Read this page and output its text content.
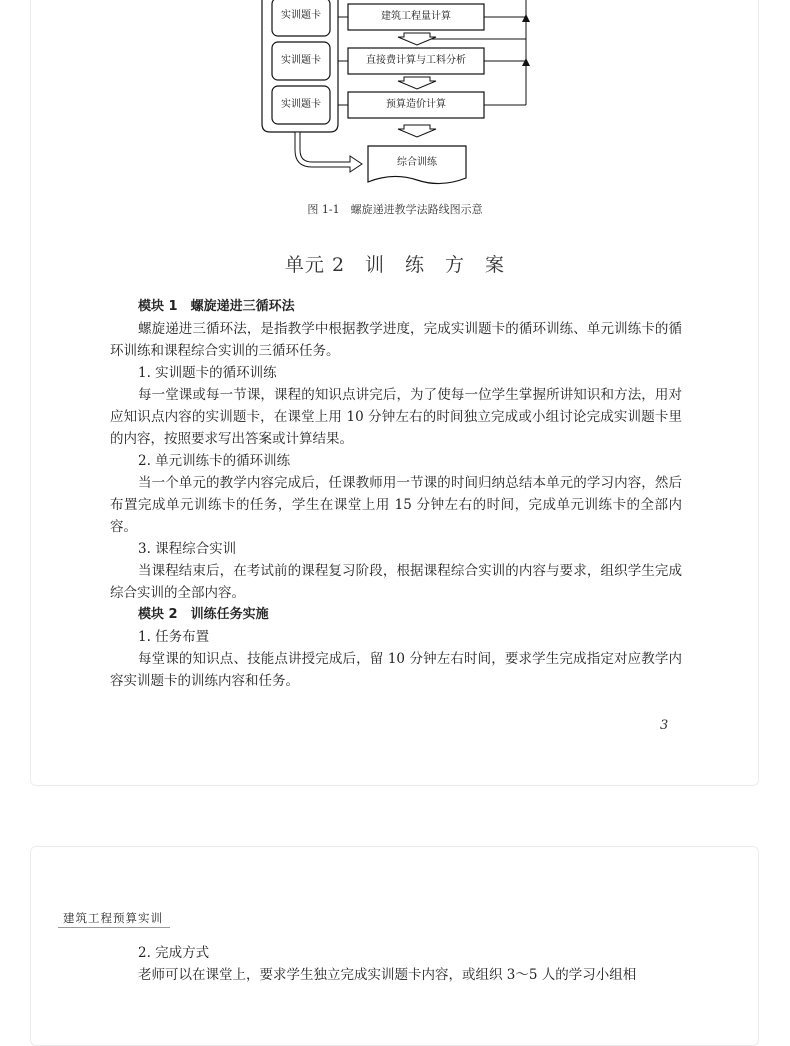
实训题卡
实训题卡
实训题卡
建筑工程量计算
直接费计算与工料分析
预算造价计算
综合训练
图 1-1　螺旋递进教学法路线图示意
单元 2　训　练　方　案

模块 1　螺旋递进三循环法

螺旋递进三循环法，是指教学中根据教学进度，完成实训题卡的循环训练、单元训练卡的循环训练和课程综合实训的三循环任务。

1. 实训题卡的循环训练

每一堂课或每一节课，课程的知识点讲完后，为了使每一位学生掌握所讲知识和方法，用对应知识点内容的实训题卡，在课堂上用 10 分钟左右的时间独立完成或小组讨论完成实训题卡里的内容，按照要求写出答案或计算结果。

2. 单元训练卡的循环训练

当一个单元的教学内容完成后，任课教师用一节课的时间归纳总结本单元的学习内容，然后布置完成单元训练卡的任务，学生在课堂上用 15 分钟左右的时间，完成单元训练卡的全部内容。

3. 课程综合实训

当课程结束后，在考试前的课程复习阶段，根据课程综合实训的内容与要求，组织学生完成综合实训的全部内容。

模块 2　训练任务实施

1. 任务布置

每堂课的知识点、技能点讲授完成后，留 10 分钟左右时间，要求学生完成指定对应教学内容实训题卡的训练内容和任务。

3
建筑工程预算实训

2. 完成方式

老师可以在课堂上，要求学生独立完成实训题卡内容，或组织 3～5 人的学习小组相
